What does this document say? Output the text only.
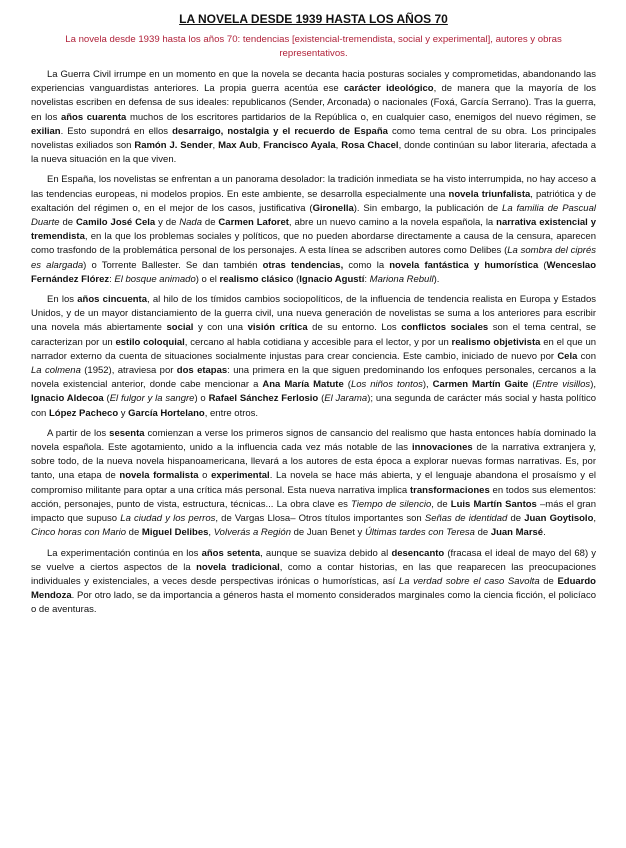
LA NOVELA DESDE 1939 HASTA LOS AÑOS 70
La novela desde 1939 hasta los años 70: tendencias [existencial-tremendista, social y experimental], autores y obras representativos.

La Guerra Civil irrumpe en un momento en que la novela se decanta hacia posturas sociales y comprometidas, abandonando las experiencias vanguardistas anteriores. La propia guerra acentúa ese carácter ideológico, de manera que la mayoría de los novelistas escriben en defensa de sus ideales: republicanos (Sender, Arconada) o nacionales (Foxá, García Serrano). Tras la guerra, en los años cuarenta muchos de los escritores partidarios de la República o, en cualquier caso, enemigos del nuevo régimen, se exilian. Esto supondrá en ellos desarraigo, nostalgia y el recuerdo de España como tema central de su obra. Los principales novelistas exiliados son Ramón J. Sender, Max Aub, Francisco Ayala, Rosa Chacel, donde continúan su labor literaria, afectada a la nueva situación en la que viven.

En España, los novelistas se enfrentan a un panorama desolador: la tradición inmediata se ha visto interrumpida, no hay acceso a las tendencias europeas, ni modelos propios. En este ambiente, se desarrolla especialmente una novela triunfalista, patriótica y de exaltación del régimen o, en el mejor de los casos, justificativa (Gironella). Sin embargo, la publicación de La familia de Pascual Duarte de Camilo José Cela y de Nada de Carmen Laforet, abre un nuevo camino a la novela española, la narrativa existencial y tremendista, en la que los problemas sociales y políticos, que no pueden abordarse directamente a causa de la censura, aparecen como trasfondo de la problemática personal de los personajes. A esta línea se adscriben autores como Delibes (La sombra del ciprés es alargada) o Torrente Ballester. Se dan también otras tendencias, como la novela fantástica y humorística (Wenceslao Fernández Flórez: El bosque animado) o el realismo clásico (Ignacio Agustí: Mariona Rebull).

En los años cincuenta, al hilo de los tímidos cambios sociopolíticos, de la influencia de tendencia realista en Europa y Estados Unidos, y de un mayor distanciamiento de la guerra civil, una nueva generación de novelistas se suma a los anteriores para escribir una novela más abiertamente social y con una visión crítica de su entorno. Los conflictos sociales son el tema central, se caracterizan por un estilo coloquial, cercano al habla cotidiana y accesible para el lector, y por un realismo objetivista en el que un narrador externo da cuenta de situaciones socialmente injustas para crear conciencia. Este cambio, iniciado de nuevo por Cela con La colmena (1952), atraviesa por dos etapas: una primera en la que siguen predominando los enfoques personales, cercanos a la novela existencial anterior, donde cabe mencionar a Ana María Matute (Los niños tontos), Carmen Martín Gaite (Entre visillos), Ignacio Aldecoa (El fulgor y la sangre) o Rafael Sánchez Ferlosio (El Jarama); una segunda de carácter más social y hasta político con López Pacheco y García Hortelano, entre otros.

A partir de los sesenta comienzan a verse los primeros signos de cansancio del realismo que hasta entonces había dominado la novela española. Este agotamiento, unido a la influencia cada vez más notable de las innovaciones de la narrativa extranjera y, sobre todo, de la nueva novela hispanoamericana, llevará a los autores de esta época a explorar nuevas formas narrativas. Es, por tanto, una etapa de novela formalista o experimental. La novela se hace más abierta, y el lenguaje abandona el prosaísmo y el compromiso militante para optar a una crítica más personal. Esta nueva narrativa implica transformaciones en todos sus elementos: acción, personajes, punto de vista, estructura, técnicas... La obra clave es Tiempo de silencio, de Luis Martín Santos –más el gran impacto que supuso La ciudad y los perros, de Vargas Llosa– Otros títulos importantes son Señas de identidad de Juan Goytisolo, Cinco horas con Mario de Miguel Delibes, Volverás a Región de Juan Benet y Últimas tardes con Teresa de Juan Marsé.

La experimentación continúa en los años setenta, aunque se suaviza debido al desencanto (fracasa el ideal de mayo del 68) y se vuelve a ciertos aspectos de la novela tradicional, como a contar historias, en las que reaparecen las preocupaciones individuales y existenciales, a veces desde perspectivas irónicas o humorísticas, así La verdad sobre el caso Savolta de Eduardo Mendoza. Por otro lado, se da importancia a géneros hasta el momento considerados marginales como la ciencia ficción, el policíaco o de aventuras.
